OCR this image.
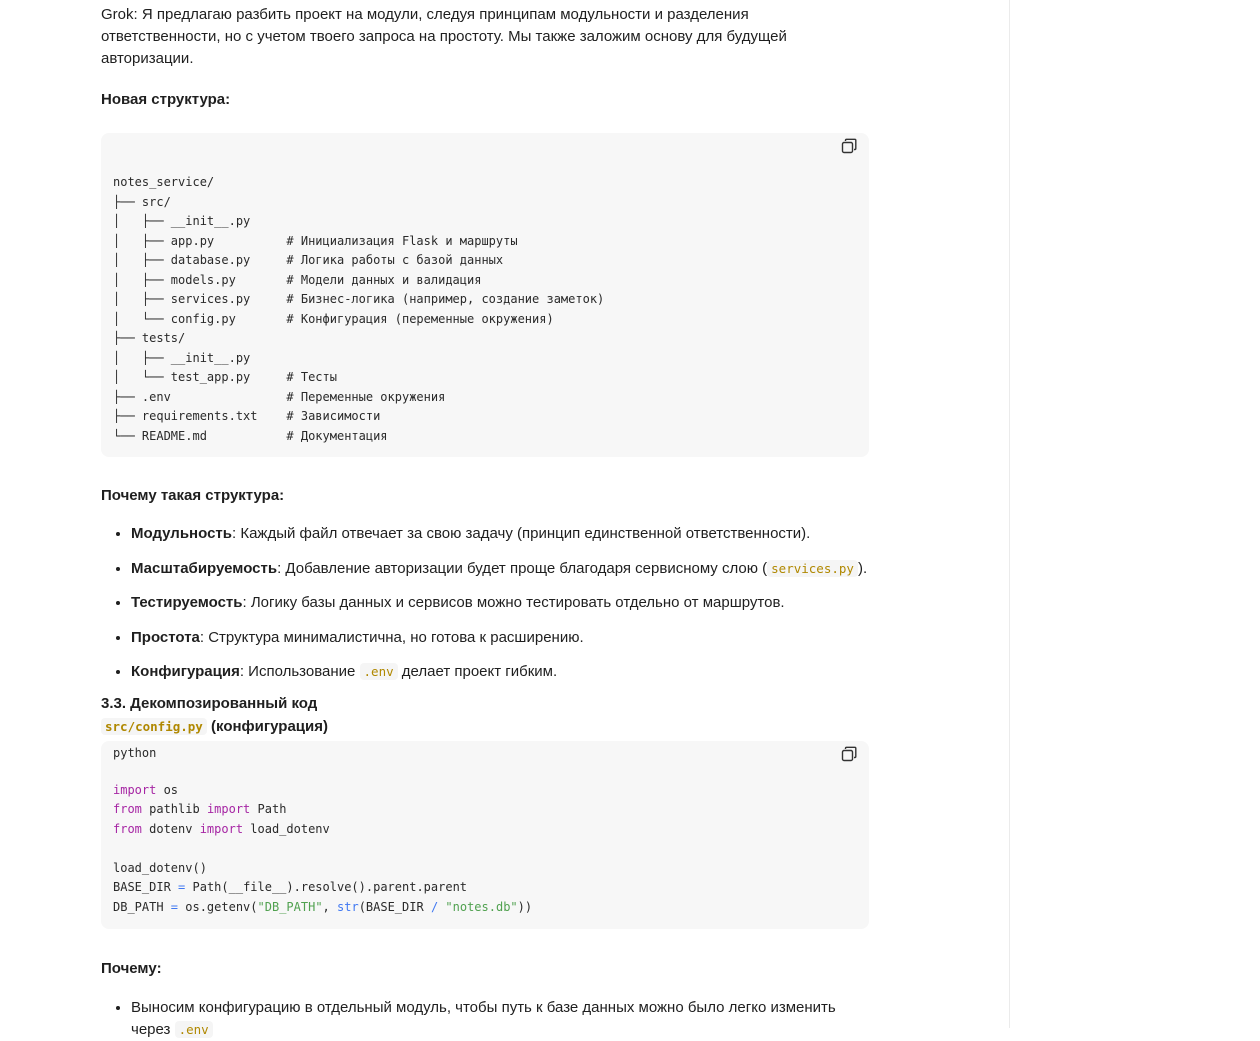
Grok: Я предлагаю разбить проект на модули, следуя принципам модульности и разделения ответственности, но с учетом твоего запроса на простоту. Мы также заложим основу для будущей авторизации.

Новая структура:
notes_service/
├── src/
│   ├── __init__.py
│   ├── app.py          # Инициализация Flask и маршруты
│   ├── database.py     # Логика работы с базой данных
│   ├── models.py       # Модели данных и валидация
│   ├── services.py     # Бизнес-логика (например, создание заметок)
│   └── config.py       # Конфигурация (переменные окружения)
├── tests/
│   ├── __init__.py
│   └── test_app.py     # Тесты
├── .env                # Переменные окружения
├── requirements.txt    # Зависимости
└── README.md           # Документация
Почему такая структура:
• Модульность: Каждый файл отвечает за свою задачу (принцип единственной ответственности).
• Масштабируемость: Добавление авторизации будет проще благодаря сервисному слою ( services.py ).
• Тестируемость: Логику базы данных и сервисов можно тестировать отдельно от маршрутов.
• Простота: Структура минималистична, но готова к расширению.
• Конфигурация: Использование .env делает проект гибким.
3.3. Декомпозированный код

src/config.py (конфигурация)

python
import os
from pathlib import Path
from dotenv import load_dotenv

load_dotenv()
BASE_DIR = Path(__file__).resolve().parent.parent
DB_PATH = os.getenv("DB_PATH", str(BASE_DIR / "notes.db"))
Почему:
• Выносим конфигурацию в отдельный модуль, чтобы путь к базе данных можно было легко изменить через .env
